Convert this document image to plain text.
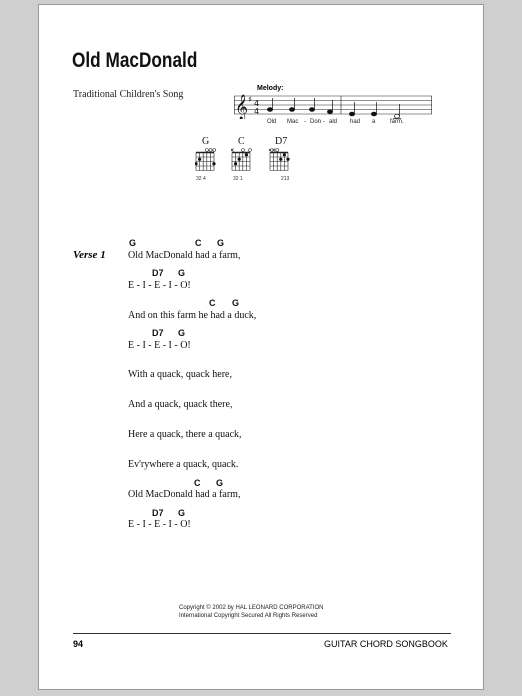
Old MacDonald
Traditional Children's Song
Melody:
𝄞 ♯ 4
4
Old Mac - Don - ald had a farm.
G
32 4
C
32 1
D7
213
Verse 1
G	C G
Old MacDonald had a farm,
D7 G
E - I - E - I - O!
C G
And on this farm he had a duck,
D7 G
E - I - E - I - O!
With a quack, quack here,
And a quack, quack there,
Here a quack, there a quack,
Ev'rywhere a quack, quack.
C G
Old MacDonald had a farm,
D7 G
E - I - E - I - O!
Copyright © 2002 by HAL LEONARD CORPORATION
International Copyright Secured All Rights Reserved
94	GUITAR CHORD SONGBOOK
